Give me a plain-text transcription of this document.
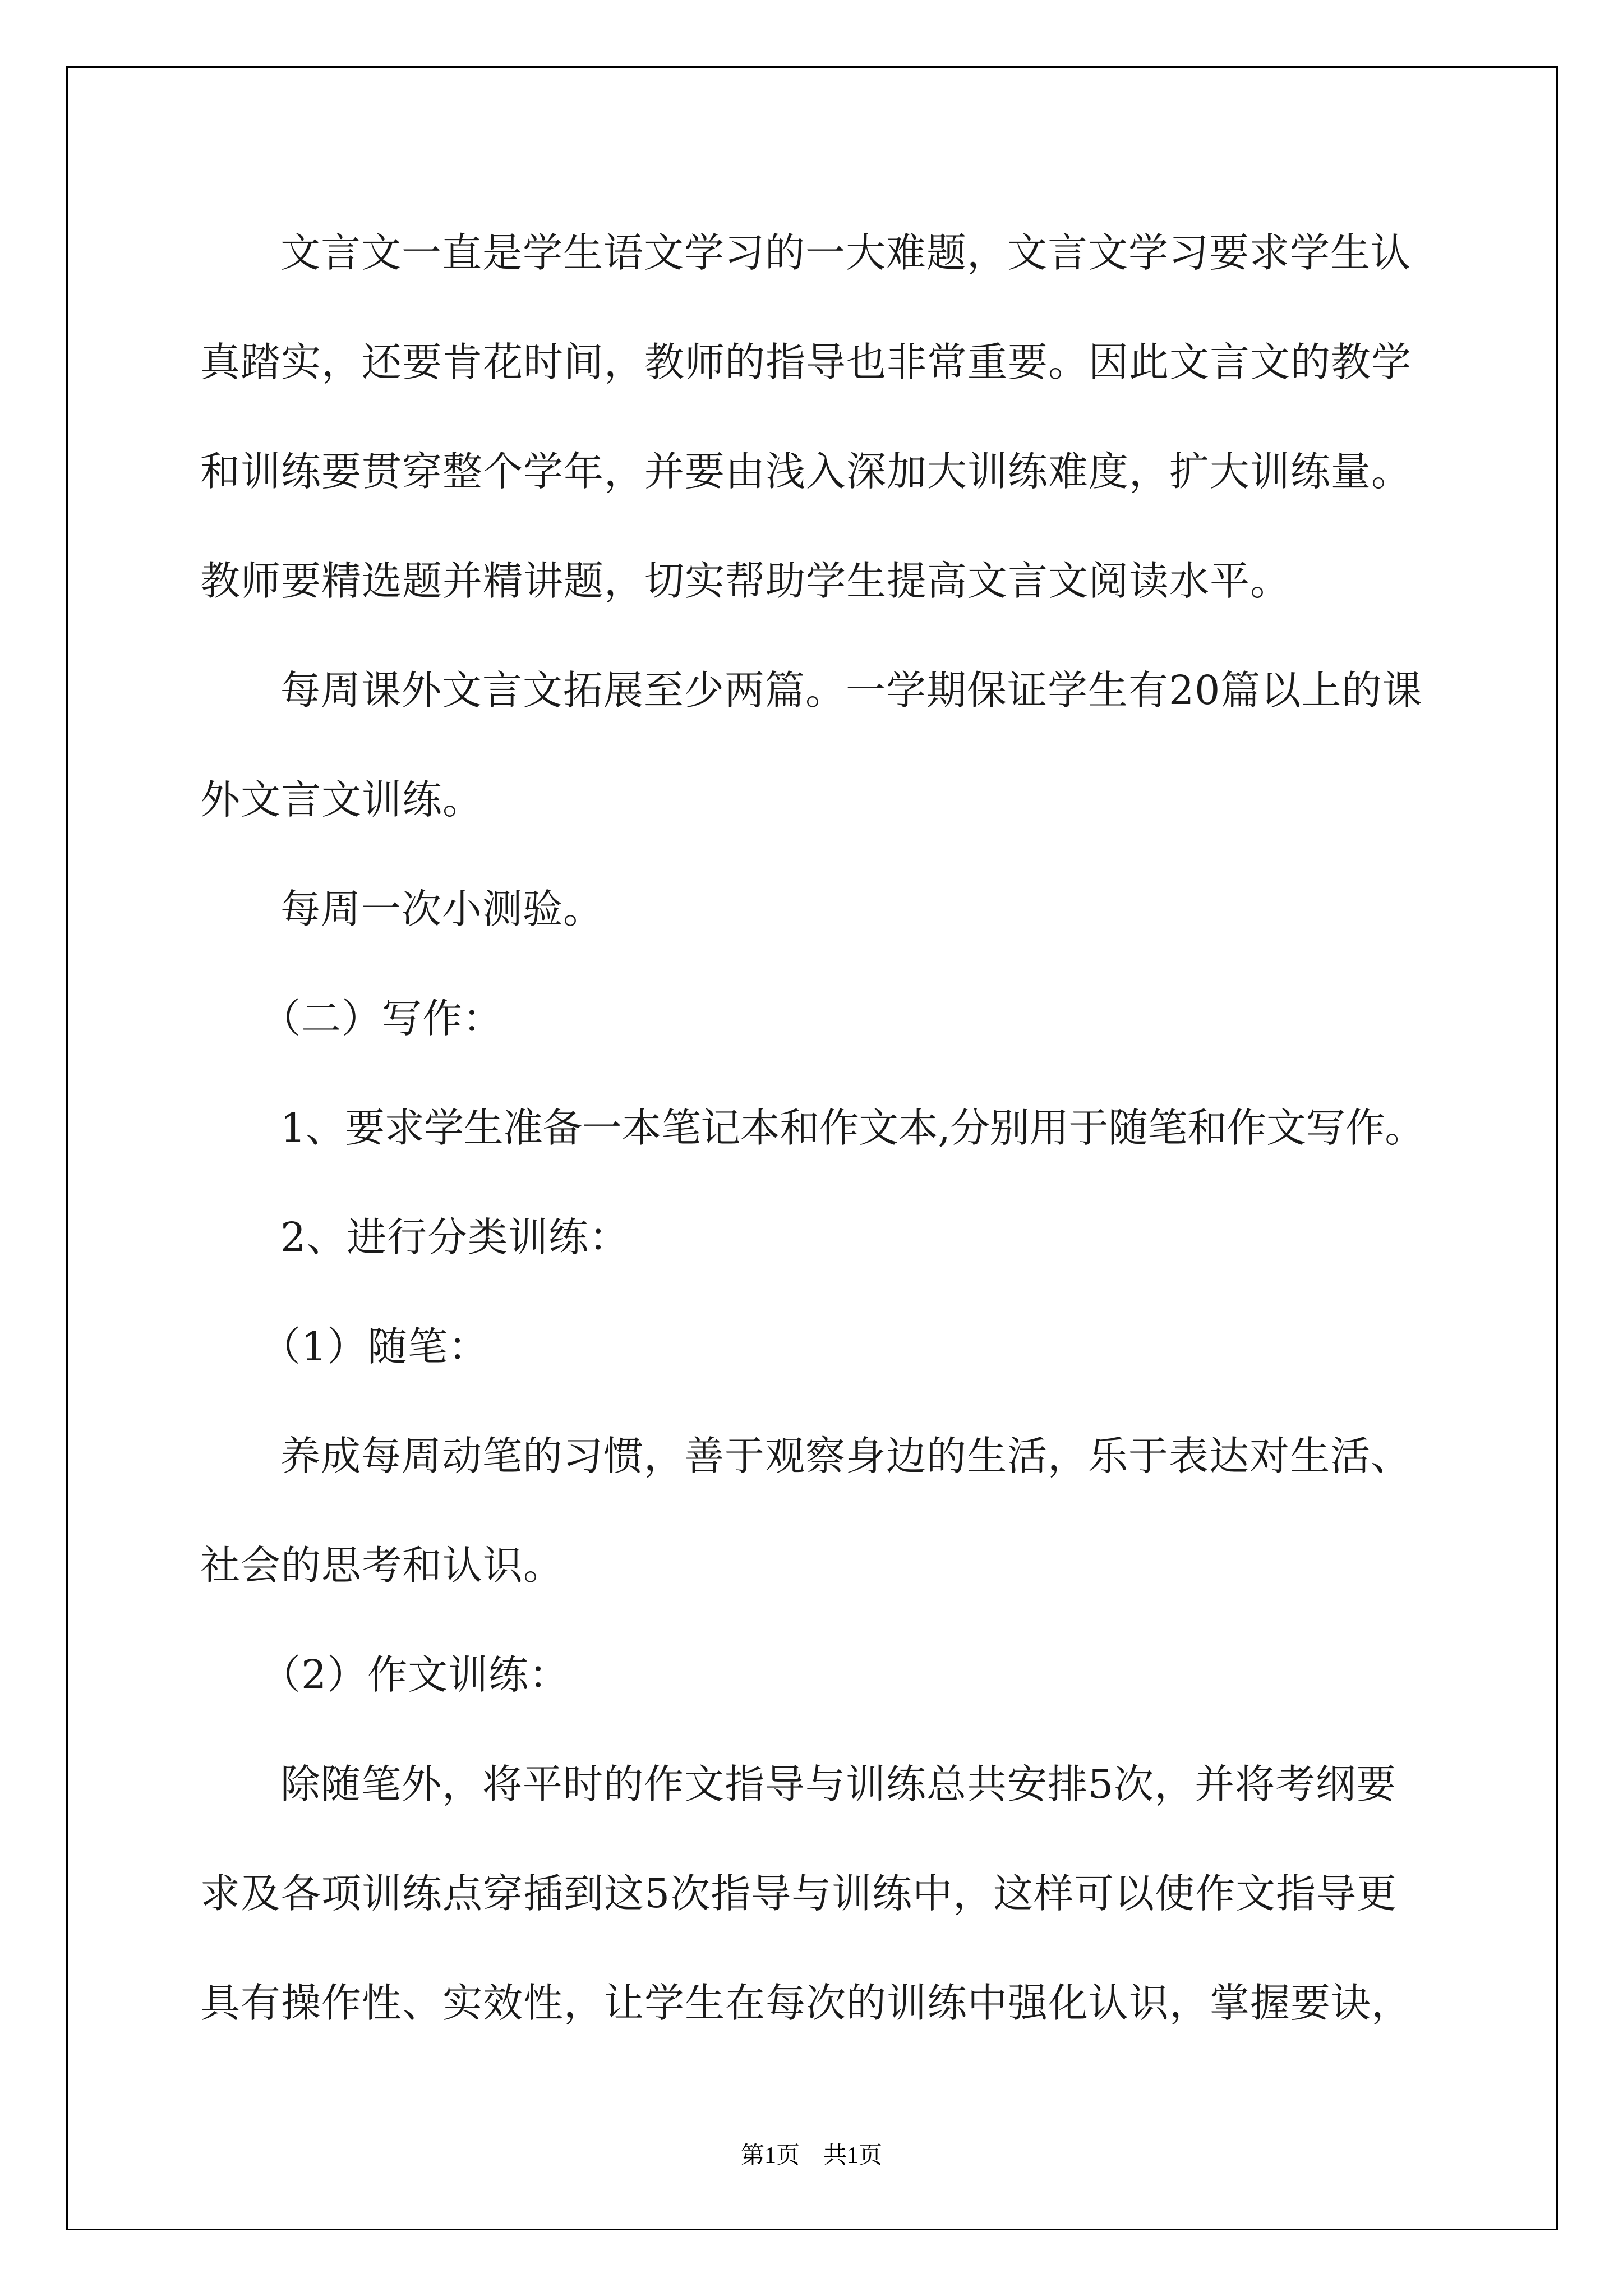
文言文一直是学生语文学习的一大难题，文言文学习要求学生认

真踏实，还要肯花时间，教师的指导也非常重要。因此文言文的教学

和训练要贯穿整个学年，并要由浅入深加大训练难度，扩大训练量。

教师要精选题并精讲题，切实帮助学生提高文言文阅读水平。

每周课外文言文拓展至少两篇。一学期保证学生有20篇以上的课

外文言文训练。

每周一次小测验。

（二）写作：

1、要求学生准备一本笔记本和作文本,分别用于随笔和作文写作。

2、进行分类训练：

（1）随笔：

养成每周动笔的习惯，善于观察身边的生活，乐于表达对生活、

社会的思考和认识。

（2）作文训练：

除随笔外，将平时的作文指导与训练总共安排5次，并将考纲要

求及各项训练点穿插到这5次指导与训练中，这样可以使作文指导更

具有操作性、实效性，让学生在每次的训练中强化认识，掌握要诀，

第1页　共1页
